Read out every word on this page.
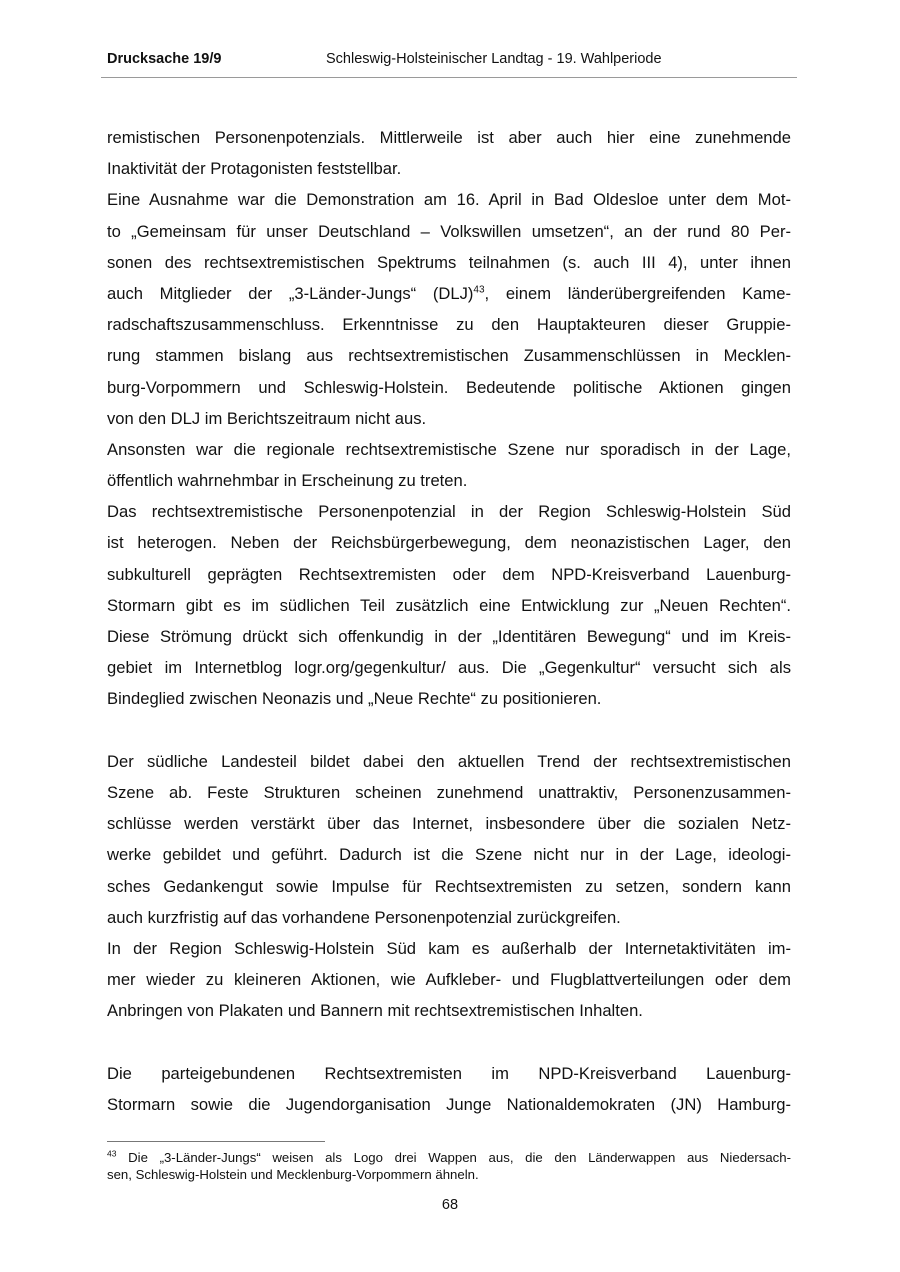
Drucksache 19/9	Schleswig-Holsteinischer Landtag - 19. Wahlperiode
remistischen Personenpotenzials. Mittlerweile ist aber auch hier eine zunehmende
Inaktivität der Protagonisten feststellbar.
Eine Ausnahme war die Demonstration am 16. April in Bad Oldesloe unter dem Mot-
to „Gemeinsam für unser Deutschland – Volkswillen umsetzen“, an der rund 80 Per-
sonen des rechtsextremistischen Spektrums teilnahmen (s. auch III 4), unter ihnen
auch Mitglieder der „3-Länder-Jungs“ (DLJ)$^{43}$, einem länderübergreifenden Kame-
radschaftszusammenschluss. Erkenntnisse zu den Hauptakteuren dieser Gruppie-
rung stammen bislang aus rechtsextremistischen Zusammenschlüssen in Mecklen-
burg-Vorpommern und Schleswig-Holstein. Bedeutende politische Aktionen gingen
von den DLJ im Berichtszeitraum nicht aus.
Ansonsten war die regionale rechtsextremistische Szene nur sporadisch in der Lage,
öffentlich wahrnehmbar in Erscheinung zu treten.
Das rechtsextremistische Personenpotenzial in der Region Schleswig-Holstein Süd
ist heterogen. Neben der Reichsbürgerbewegung, dem neonazistischen Lager, den
subkulturell geprägten Rechtsextremisten oder dem NPD-Kreisverband Lauenburg-
Stormarn gibt es im südlichen Teil zusätzlich eine Entwicklung zur „Neuen Rechten“.
Diese Strömung drückt sich offenkundig in der „Identitären Bewegung“ und im Kreis-
gebiet im Internetblog logr.org/gegenkultur/ aus. Die „Gegenkultur“ versucht sich als
Bindeglied zwischen Neonazis und „Neue Rechte“ zu positionieren.
Der südliche Landesteil bildet dabei den aktuellen Trend der rechtsextremistischen
Szene ab. Feste Strukturen scheinen zunehmend unattraktiv, Personenzusammen-
schlüsse werden verstärkt über das Internet, insbesondere über die sozialen Netz-
werke gebildet und geführt. Dadurch ist die Szene nicht nur in der Lage, ideologi-
sches Gedankengut sowie Impulse für Rechtsextremisten zu setzen, sondern kann
auch kurzfristig auf das vorhandene Personenpotenzial zurückgreifen.
In der Region Schleswig-Holstein Süd kam es außerhalb der Internetaktivitäten im-
mer wieder zu kleineren Aktionen, wie Aufkleber- und Flugblattverteilungen oder dem
Anbringen von Plakaten und Bannern mit rechtsextremistischen Inhalten.
Die parteigebundenen Rechtsextremisten im NPD-Kreisverband Lauenburg-
Stormarn sowie die Jugendorganisation Junge Nationaldemokraten (JN) Hamburg-
$^{43}$ Die „3-Länder-Jungs“ weisen als Logo drei Wappen aus, die den Länderwappen aus Niedersach-
sen, Schleswig-Holstein und Mecklenburg-Vorpommern ähneln.
68
